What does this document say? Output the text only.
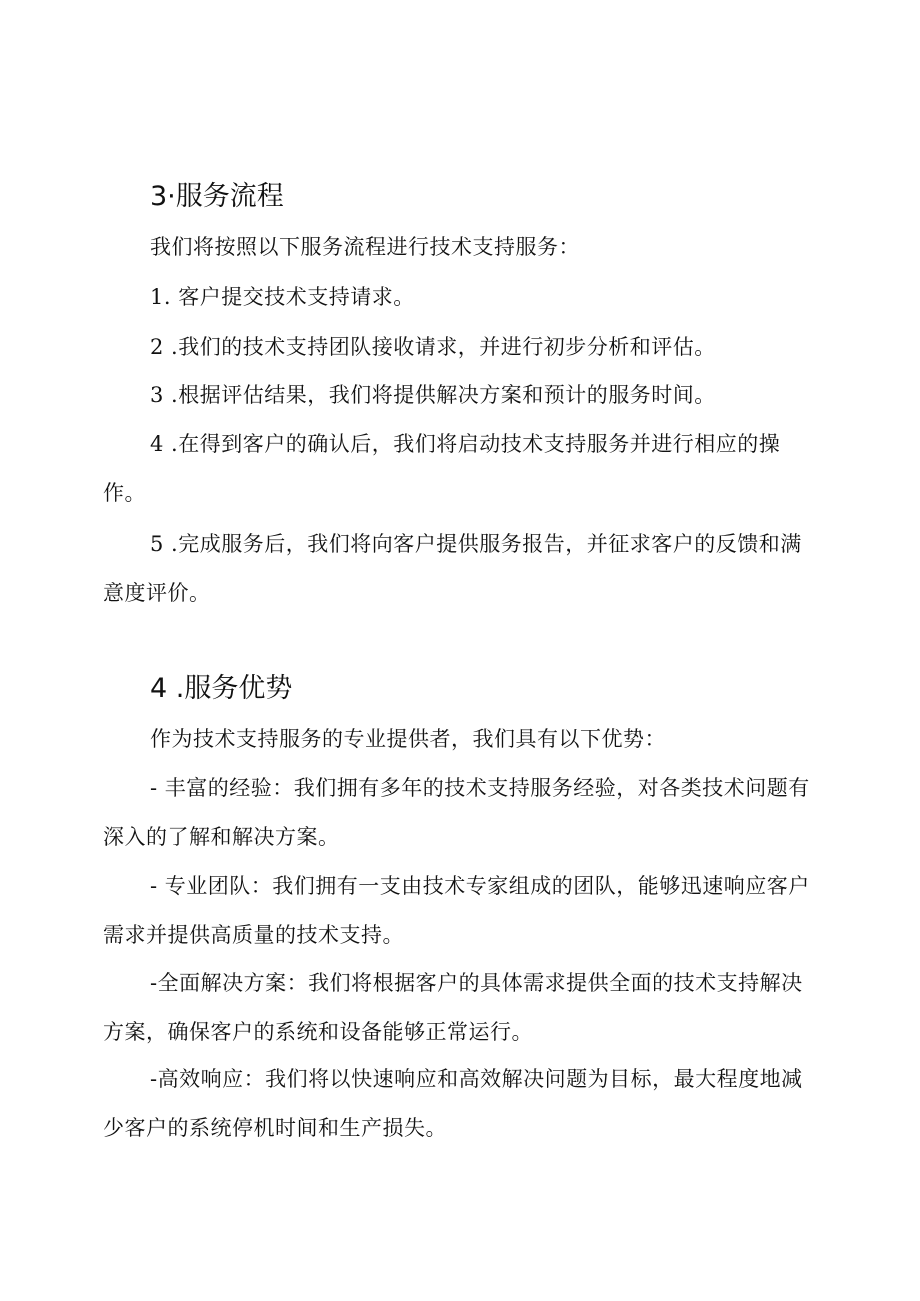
3·服务流程

我们将按照以下服务流程进行技术支持服务：

1. 客户提交技术支持请求。

2 .我们的技术支持团队接收请求，并进行初步分析和评估。

3 .根据评估结果，我们将提供解决方案和预计的服务时间。

4 .在得到客户的确认后，我们将启动技术支持服务并进行相应的操作。

5 .完成服务后，我们将向客户提供服务报告，并征求客户的反馈和满意度评价。

4 .服务优势

作为技术支持服务的专业提供者，我们具有以下优势：

- 丰富的经验：我们拥有多年的技术支持服务经验，对各类技术问题有深入的了解和解决方案。

- 专业团队：我们拥有一支由技术专家组成的团队，能够迅速响应客户需求并提供高质量的技术支持。

-全面解决方案：我们将根据客户的具体需求提供全面的技术支持解决方案，确保客户的系统和设备能够正常运行。

-高效响应：我们将以快速响应和高效解决问题为目标，最大程度地减少客户的系统停机时间和生产损失。
